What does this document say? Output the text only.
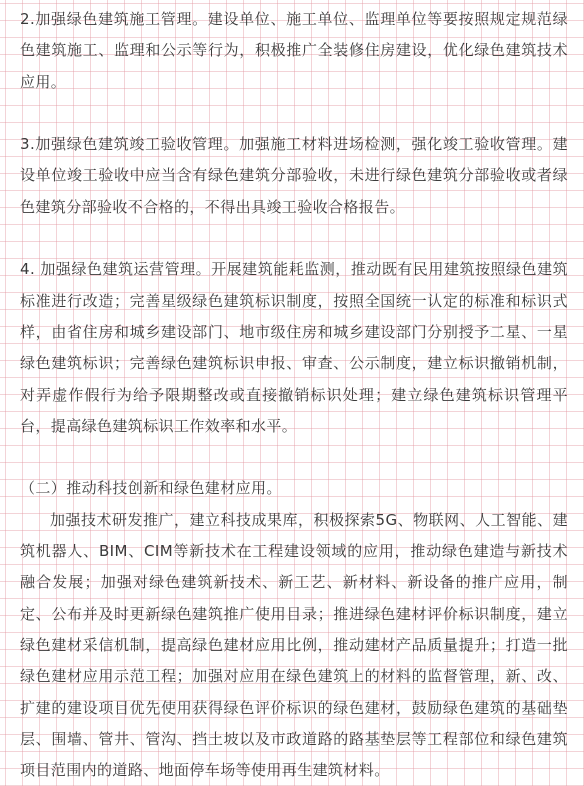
2.加强绿色建筑施工管理。建设单位、施工单位、监理单位等要按照规定规范绿色建筑施工、监理和公示等行为，积极推广全装修住房建设，优化绿色建筑技术应用。

3.加强绿色建筑竣工验收管理。加强施工材料进场检测，强化竣工验收管理。建设单位竣工验收中应当含有绿色建筑分部验收，未进行绿色建筑分部验收或者绿色建筑分部验收不合格的，不得出具竣工验收合格报告。

4. 加强绿色建筑运营管理。开展建筑能耗监测，推动既有民用建筑按照绿色建筑标准进行改造；完善星级绿色建筑标识制度，按照全国统一认定的标准和标识式样，由省住房和城乡建设部门、地市级住房和城乡建设部门分别授予二星、一星绿色建筑标识；完善绿色建筑标识申报、审查、公示制度，建立标识撤销机制，对弄虚作假行为给予限期整改或直接撤销标识处理；建立绿色建筑标识管理平台，提高绿色建筑标识工作效率和水平。

（二）推动科技创新和绿色建材应用。

加强技术研发推广，建立科技成果库，积极探索5G、物联网、人工智能、建筑机器人、BIM、CIM等新技术在工程建设领域的应用，推动绿色建造与新技术融合发展；加强对绿色建筑新技术、新工艺、新材料、新设备的推广应用，制定、公布并及时更新绿色建筑推广使用目录；推进绿色建材评价标识制度，建立绿色建材采信机制，提高绿色建材应用比例，推动建材产品质量提升；打造一批绿色建材应用示范工程；加强对应用在绿色建筑上的材料的监督管理，新、改、扩建的建设项目优先使用获得绿色评价标识的绿色建材，鼓励绿色建筑的基础垫层、围墙、管井、管沟、挡土坡以及市政道路的路基垫层等工程部位和绿色建筑项目范围内的道路、地面停车场等使用再生建筑材料。
